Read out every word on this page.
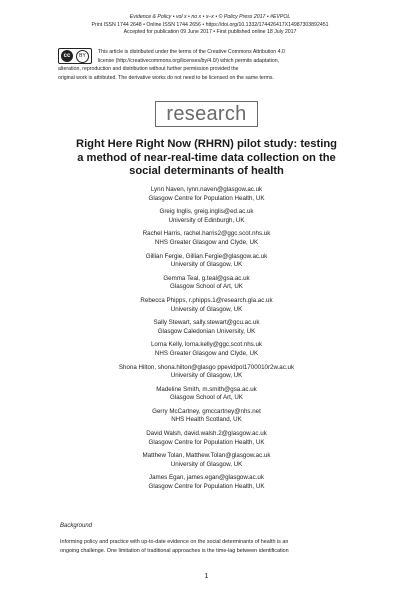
Evidence & Policy • vol x • no x • x–x • © Policy Press 2017 • #EVPOL
Print ISSN 1744 2648 • Online ISSN 1744 2656 • https://doi.org/10.1332/174426417X14987303892451
Accepted for publication 09 June 2017 • First published online 18 July 2017
cc	BY
This article is distributed under the terms of the Creative Commons Attribution 4.0
license (http://creativecommons.org/licenses/by/4.0/) which permits adaptation,
alteration, reproduction and distribution without further permission provided the
original work is attributed. The derivative works do not need to be licensed on the same terms.
research
Right Here Right Now (RHRN) pilot study: testing
a method of near-real-time data collection on the
social determinants of health
Lynn Naven, lynn.naven@glasgow.ac.uk
Glasgow Centre for Population Health, UK
Greig Inglis, greig.inglis@ed.ac.uk
University of Edinburgh, UK
Rachel Harris, rachel.harris2@ggc.scot.nhs.uk
NHS Greater Glasgow and Clyde, UK
Gillian Fergie, Gillian.Fergie@glasgow.ac.uk
University of Glasgow, UK
Gemma Teal, g.teal@gsa.ac.uk
Glasgow School of Art, UK
Rebecca Phipps, r.phipps.1@research.gla.ac.uk
University of Glasgow, UK
Sally Stewart, sally.stewart@gcu.ac.uk
Glasgow Caledonian University, UK
Lorna Kelly, lorna.kelly@ggc.scot.nhs.uk
NHS Greater Glasgow and Clyde, UK
Shona Hilton, shona.hilton@glasgo ppevidpol1700010r2w.ac.uk
University of Glasgow, UK
Madeline Smith, m.smith@gsa.ac.uk
Glasgow School of Art, UK
Gerry McCartney, gmccartney@nhs.net
NHS Health Scotland, UK
David Walsh, david.walsh.2@glasgow.ac.uk
Glasgow Centre for Population Health, UK
Matthew Tolan, Matthew.Tolan@glasgow.ac.uk
University of Glasgow, UK
James Egan, james.egan@glasgow.ac.uk
Glasgow Centre for Population Health, UK
Background
Informing policy and practice with up-to-date evidence on the social determinants of health is an
ongoing challenge. One limitation of traditional approaches is the time-lag between identification
1
